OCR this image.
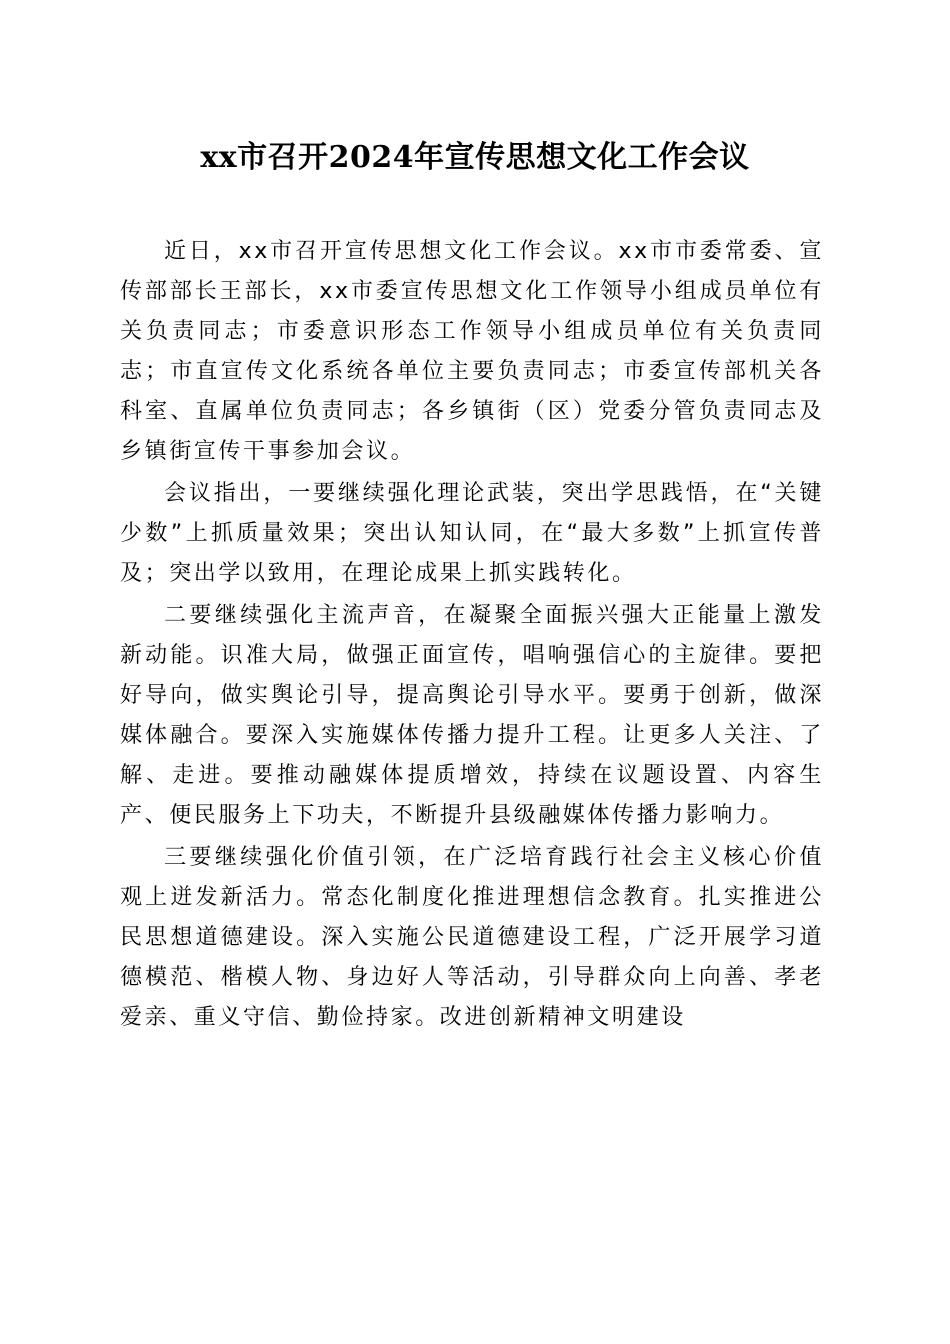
xx市召开2024年宣传思想文化工作会议

近日，xx市召开宣传思想文化工作会议。xx市市委常委、宣传部部长王部长，xx市委宣传思想文化工作领导小组成员单位有关负责同志；市委意识形态工作领导小组成员单位有关负责同志；市直宣传文化系统各单位主要负责同志；市委宣传部机关各科室、直属单位负责同志；各乡镇街（区）党委分管负责同志及乡镇街宣传干事参加会议。

会议指出，一要继续强化理论武装，突出学思践悟，在“关键少数”上抓质量效果；突出认知认同，在“最大多数”上抓宣传普及；突出学以致用，在理论成果上抓实践转化。

二要继续强化主流声音，在凝聚全面振兴强大正能量上激发新动能。识准大局，做强正面宣传，唱响强信心的主旋律。要把好导向，做实舆论引导，提高舆论引导水平。要勇于创新，做深媒体融合。要深入实施媒体传播力提升工程。让更多人关注、了解、走进。要推动融媒体提质增效，持续在议题设置、内容生产、便民服务上下功夫，不断提升县级融媒体传播力影响力。

三要继续强化价值引领，在广泛培育践行社会主义核心价值观上迸发新活力。常态化制度化推进理想信念教育。扎实推进公民思想道德建设。深入实施公民道德建设工程，广泛开展学习道德模范、楷模人物、身边好人等活动，引导群众向上向善、孝老爱亲、重义守信、勤俭持家。改进创新精神文明建设
